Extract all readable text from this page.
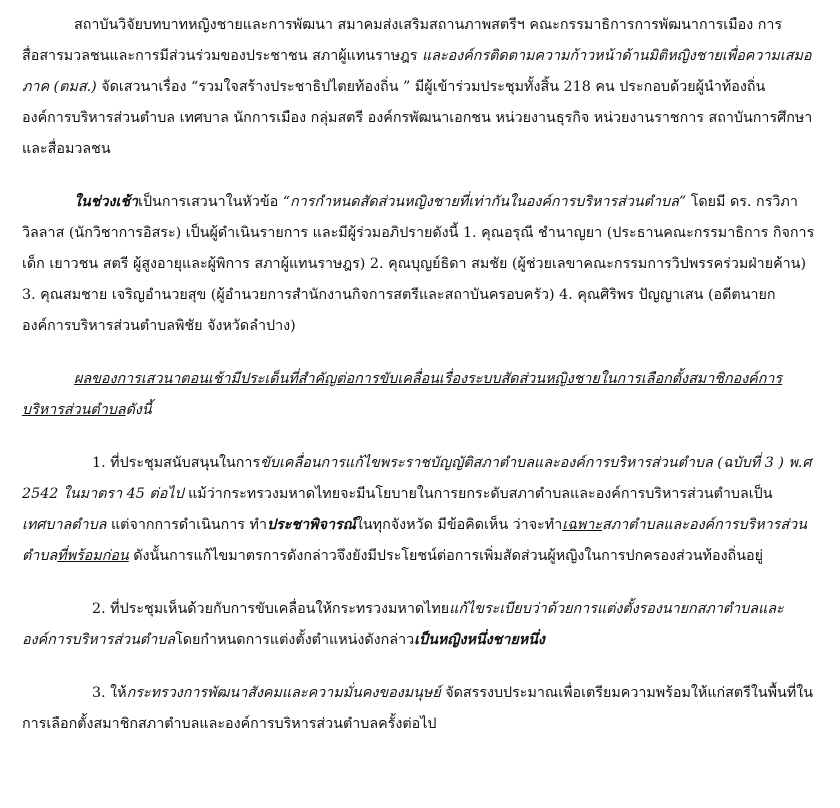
สถาบันวิจัยบทบาทหญิงชายและการพัฒนา สมาคมส่งเสริมสถานภาพสตรีฯ คณะกรรมาธิการการพัฒนาการเมือง การสื่อสารมวลชนและการมีส่วนร่วมของประชาชน สภาผู้แทนราษฎร และองค์กรติดตามความก้าวหน้าด้านมิติหญิงชายเพื่อความเสมอภาค (ตมส.) จัดเสวนาเรื่อง “รวมใจสร้างประชาธิปไตยท้องถิ่น ” มีผู้เข้าร่วมประชุมทั้งสิ้น 218 คน ประกอบด้วยผู้นำท้องถิ่น องค์การบริหารส่วนตำบล เทศบาล นักการเมือง กลุ่มสตรี องค์กรพัฒนาเอกชน หน่วยงานธุรกิจ หน่วยงานราชการ สถาบันการศึกษา และสื่อมวลชน

ในช่วงเช้าเป็นการเสวนาในหัวข้อ “การกำหนดสัดส่วนหญิงชายที่เท่ากันในองค์การบริหารส่วนตำบล” โดยมี ดร. กรวิภา วิลลาส (นักวิชาการอิสระ) เป็นผู้ดำเนินรายการ และมีผู้ร่วมอภิปรายดังนี้ 1. คุณอรุณี ชำนาญยา (ประธานคณะกรรมาธิการ กิจการเด็ก เยาวชน สตรี ผู้สูงอายุและผู้พิการ สภาผู้แทนราษฎร) 2. คุณบุญย์ธิดา สมชัย (ผู้ช่วยเลขาคณะกรรมการวิปพรรคร่วมฝ่ายค้าน) 3. คุณสมชาย เจริญอำนวยสุข (ผู้อำนวยการสำนักงานกิจการสตรีและสถาบันครอบครัว) 4. คุณศิริพร ปัญญาเสน (อดีตนายกองค์การบริหารส่วนตำบลพิชัย จังหวัดลำปาง)

ผลของการเสวนาตอนเช้ามีประเด็นที่สำคัญต่อการขับเคลื่อนเรื่องระบบสัดส่วนหญิงชายในการเลือกตั้งสมาชิกองค์การบริหารส่วนตำบลดังนี้

1. ที่ประชุมสนับสนุนในการขับเคลื่อนการแก้ไขพระราชบัญญัติสภาตำบลและองค์การบริหารส่วนตำบล (ฉบับที่ 3 ) พ.ศ 2542 ในมาตรา 45 ต่อไป แม้ว่ากระทรวงมหาดไทยจะมีนโยบายในการยกระดับสภาตำบลและองค์การบริหารส่วนตำบลเป็นเทศบาลตำบล แต่จากการดำเนินการ ทำประชาพิจารณ์ในทุกจังหวัด มีข้อคิดเห็น ว่าจะทำเฉพาะสภาตำบลและองค์การบริหารส่วนตำบลที่พร้อมก่อน ดังนั้นการแก้ไขมาตรการดังกล่าวจึงยังมีประโยชน์ต่อการเพิ่มสัดส่วนผู้หญิงในการปกครองส่วนท้องถิ่นอยู่

2. ที่ประชุมเห็นด้วยกับการขับเคลื่อนให้กระทรวงมหาดไทยแก้ไขระเบียบว่าด้วยการแต่งตั้งรองนายกสภาตำบลและองค์การบริหารส่วนตำบลโดยกำหนดการแต่งตั้งตำแหน่งดังกล่าวเป็นหญิงหนึ่งชายหนึ่ง

3. ให้กระทรวงการพัฒนาสังคมและความมั่นคงของมนุษย์ จัดสรรงบประมาณเพื่อเตรียมความพร้อมให้แก่สตรีในพื้นที่ในการเลือกตั้งสมาชิกสภาตำบลและองค์การบริหารส่วนตำบลครั้งต่อไป
